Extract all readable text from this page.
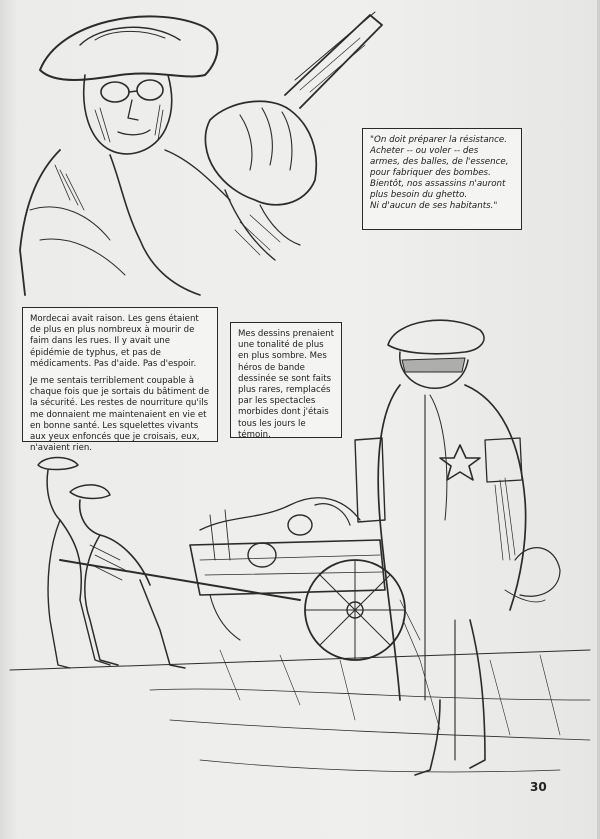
"On doit préparer la résistance.
Acheter -- ou voler -- des
armes, des balles, de l'essence,
pour fabriquer des bombes.
Bientôt, nos assassins n'auront
plus besoin du ghetto.
Ni d'aucun de ses habitants."

Mordecai avait raison. Les gens étaient de plus en plus nombreux à mourir de faim dans les rues. Il y avait une épidémie de typhus, et pas de médicaments. Pas d'aide. Pas d'espoir.

Je me sentais terriblement coupable à chaque fois que je sortais du bâtiment de la sécurité. Les restes de nourriture qu'ils me donnaient me maintenaient en vie et en bonne santé. Les squelettes vivants aux yeux enfoncés que je croisais, eux, n'avaient rien.

Mes dessins prenaient une tonalité de plus en plus sombre. Mes héros de bande dessinée se sont faits plus rares, remplacés par les spectacles morbides dont j'étais tous les jours le témoin.

30
